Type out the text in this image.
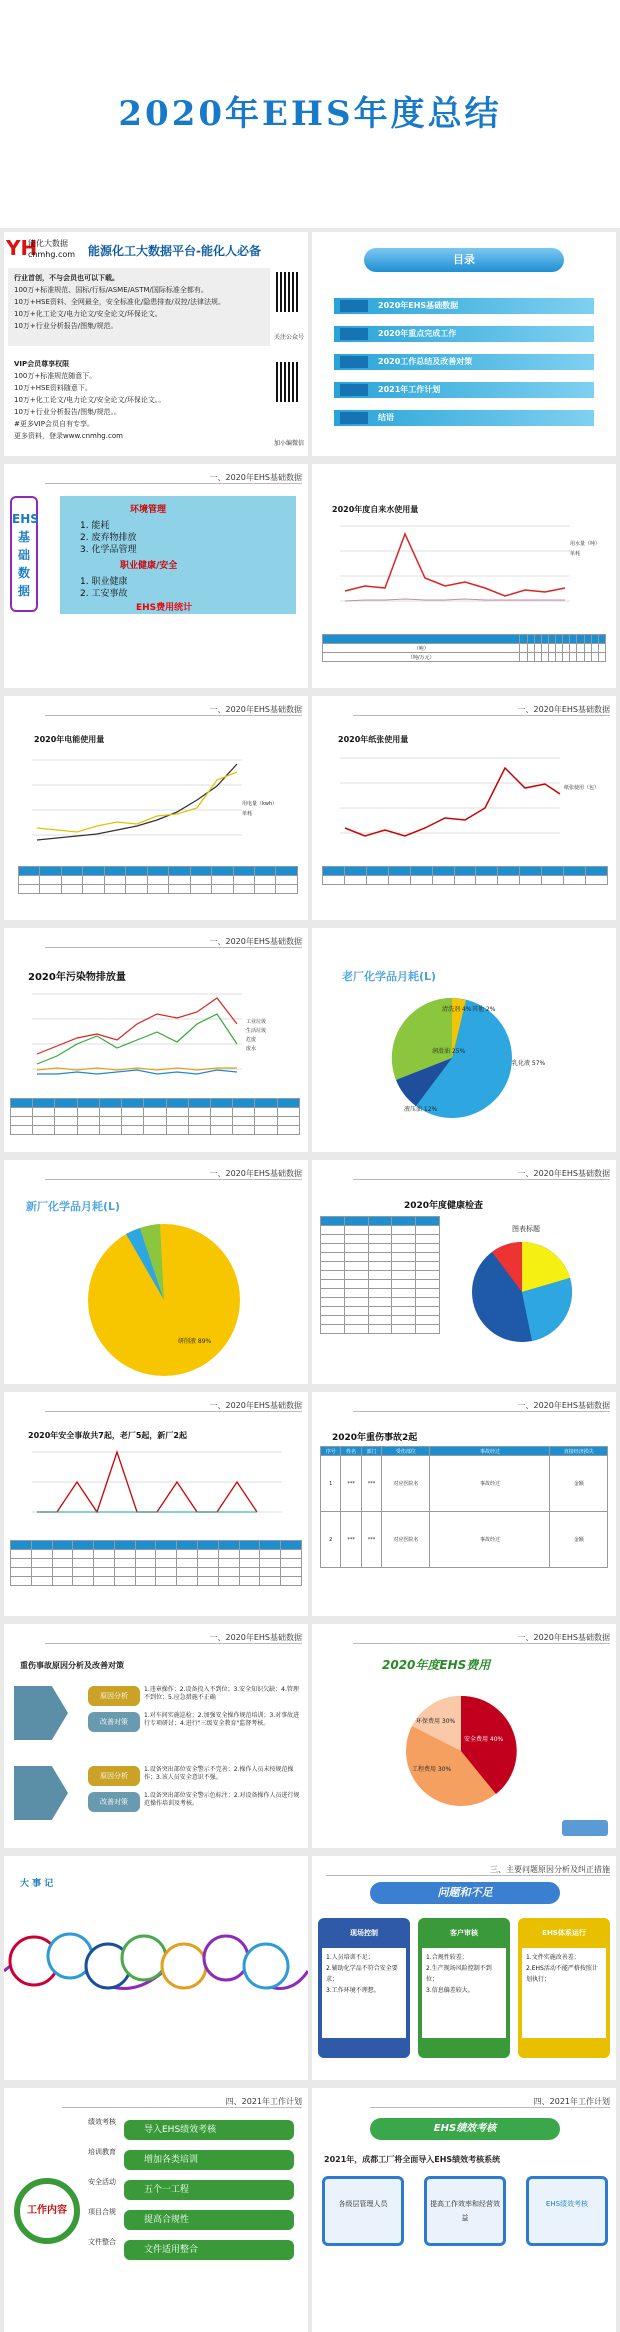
2020年EHS年度总结
YH
能化大数据
cnmhg.com 能源化工大数据平台-能化人必备
行业首创，不与会员也可以下载。
100万+标准规范、国标/行标/ASME/ASTM/国际标准全都有。
10万+HSE资料、全网最全，安全标准化/隐患排查/双控/法律法规。
10万+化工论文/电力论文/安全论文/环保论文。
10万+行业分析报告/图集/规范。
VIP会员尊享权限
100万+标准规范随意下。
10万+HSE资料随意下。
10万+化工论文/电力论文/安全论文/环保论文。。
10万+行业分析报告/图集/规范。。
#更多VIP会员自有专享。
更多资料，登录www.cnmhg.com
关注公众号
加小编微信
目录
2020年EHS基础数据
2020年重点完成工作
2020工作总结及改善对策
2021年工作计划
结语
一、2020年EHS基础数据
EHS
基
础
数
据
环境管理
1. 能耗
2. 废弃物排放
3. 化学品管理
职业健康/安全
1. 职业健康
2. 工安事故
EHS费用统计
2020年度自来水使用量
用水量（吨）
单耗

（吨）												
（吨/万元）												
一、2020年EHS基础数据
2020年电能使用量
用电量（kwh）
单耗

一、2020年EHS基础数据
2020年纸张使用量
纸张使用（包）

一、2020年EHS基础数据
2020年污染物排放量
工业垃圾
生活垃圾
危废
废水

老厂化学品月耗(L)
乳化液 57%
润滑油 25%
液压油 12%
清洗剂 4% 其他 2%
一、2020年EHS基础数据
新厂化学品月耗(L)
研削液 89%
一、2020年EHS基础数据
2020年度健康检查

图表标题
一、2020年EHS基础数据
2020年安全事故共7起，老厂5起，新厂2起

一、2020年EHS基础数据
2020年重伤事故2起
序号	姓名	部门	受伤部位	事故经过	直接经济损失
1	***	***	对应医院名	事故经过	金额
2	***	***	对应医院名	事故经过	金额
一、2020年EHS基础数据
重伤事故原因分析及改善对策
原因分析
改善对策
1.违章操作；2.设备投入不到位；3.安全知识欠缺；4.管理不到位；5.应急措施不正确
1.对车间实施巡检；2.加强安全操作规范培训；3.对事故进行专项研讨；4.进行"三级安全教育"监督考核。
原因分析
改善对策
1.设备突出部位安全警示不完善；2.操作人员未按规范操作；3.该人员安全意识不强。
1.设备突出部位安全警示色标注；2.对设备操作人员进行规范操作培训及考核。
一、2020年EHS基础数据
2020年度EHS费用
安全费用 40%
环保费用 30%
工程费用 30%
大 事 记
三、主要问题原因分析及纠正措施
问题和不足
现场控制
1.人员培训不足；
2.辅助化学品不符合安全要求；
3.工作环境不理想。
客户审核
1.合规性较差；
2.生产现场风险控制不到位；
3.信息偏差较大。
EHS体系运行
1.文件实施改善差；
2.EHS活动不能严格按照计划执行；
四、2021年工作计划
工作内容
导入EHS绩效考核
增加各类培训
五个一工程
提高合规性
文件适用整合
绩效考核
培训教育
安全活动
项目合规
文件整合
四、2021年工作计划
EHS绩效考核
2021年，成都工厂将全面导入EHS绩效考核系统
各级层管理人员	提高工作效率和经营效益
EHS绩效考核
